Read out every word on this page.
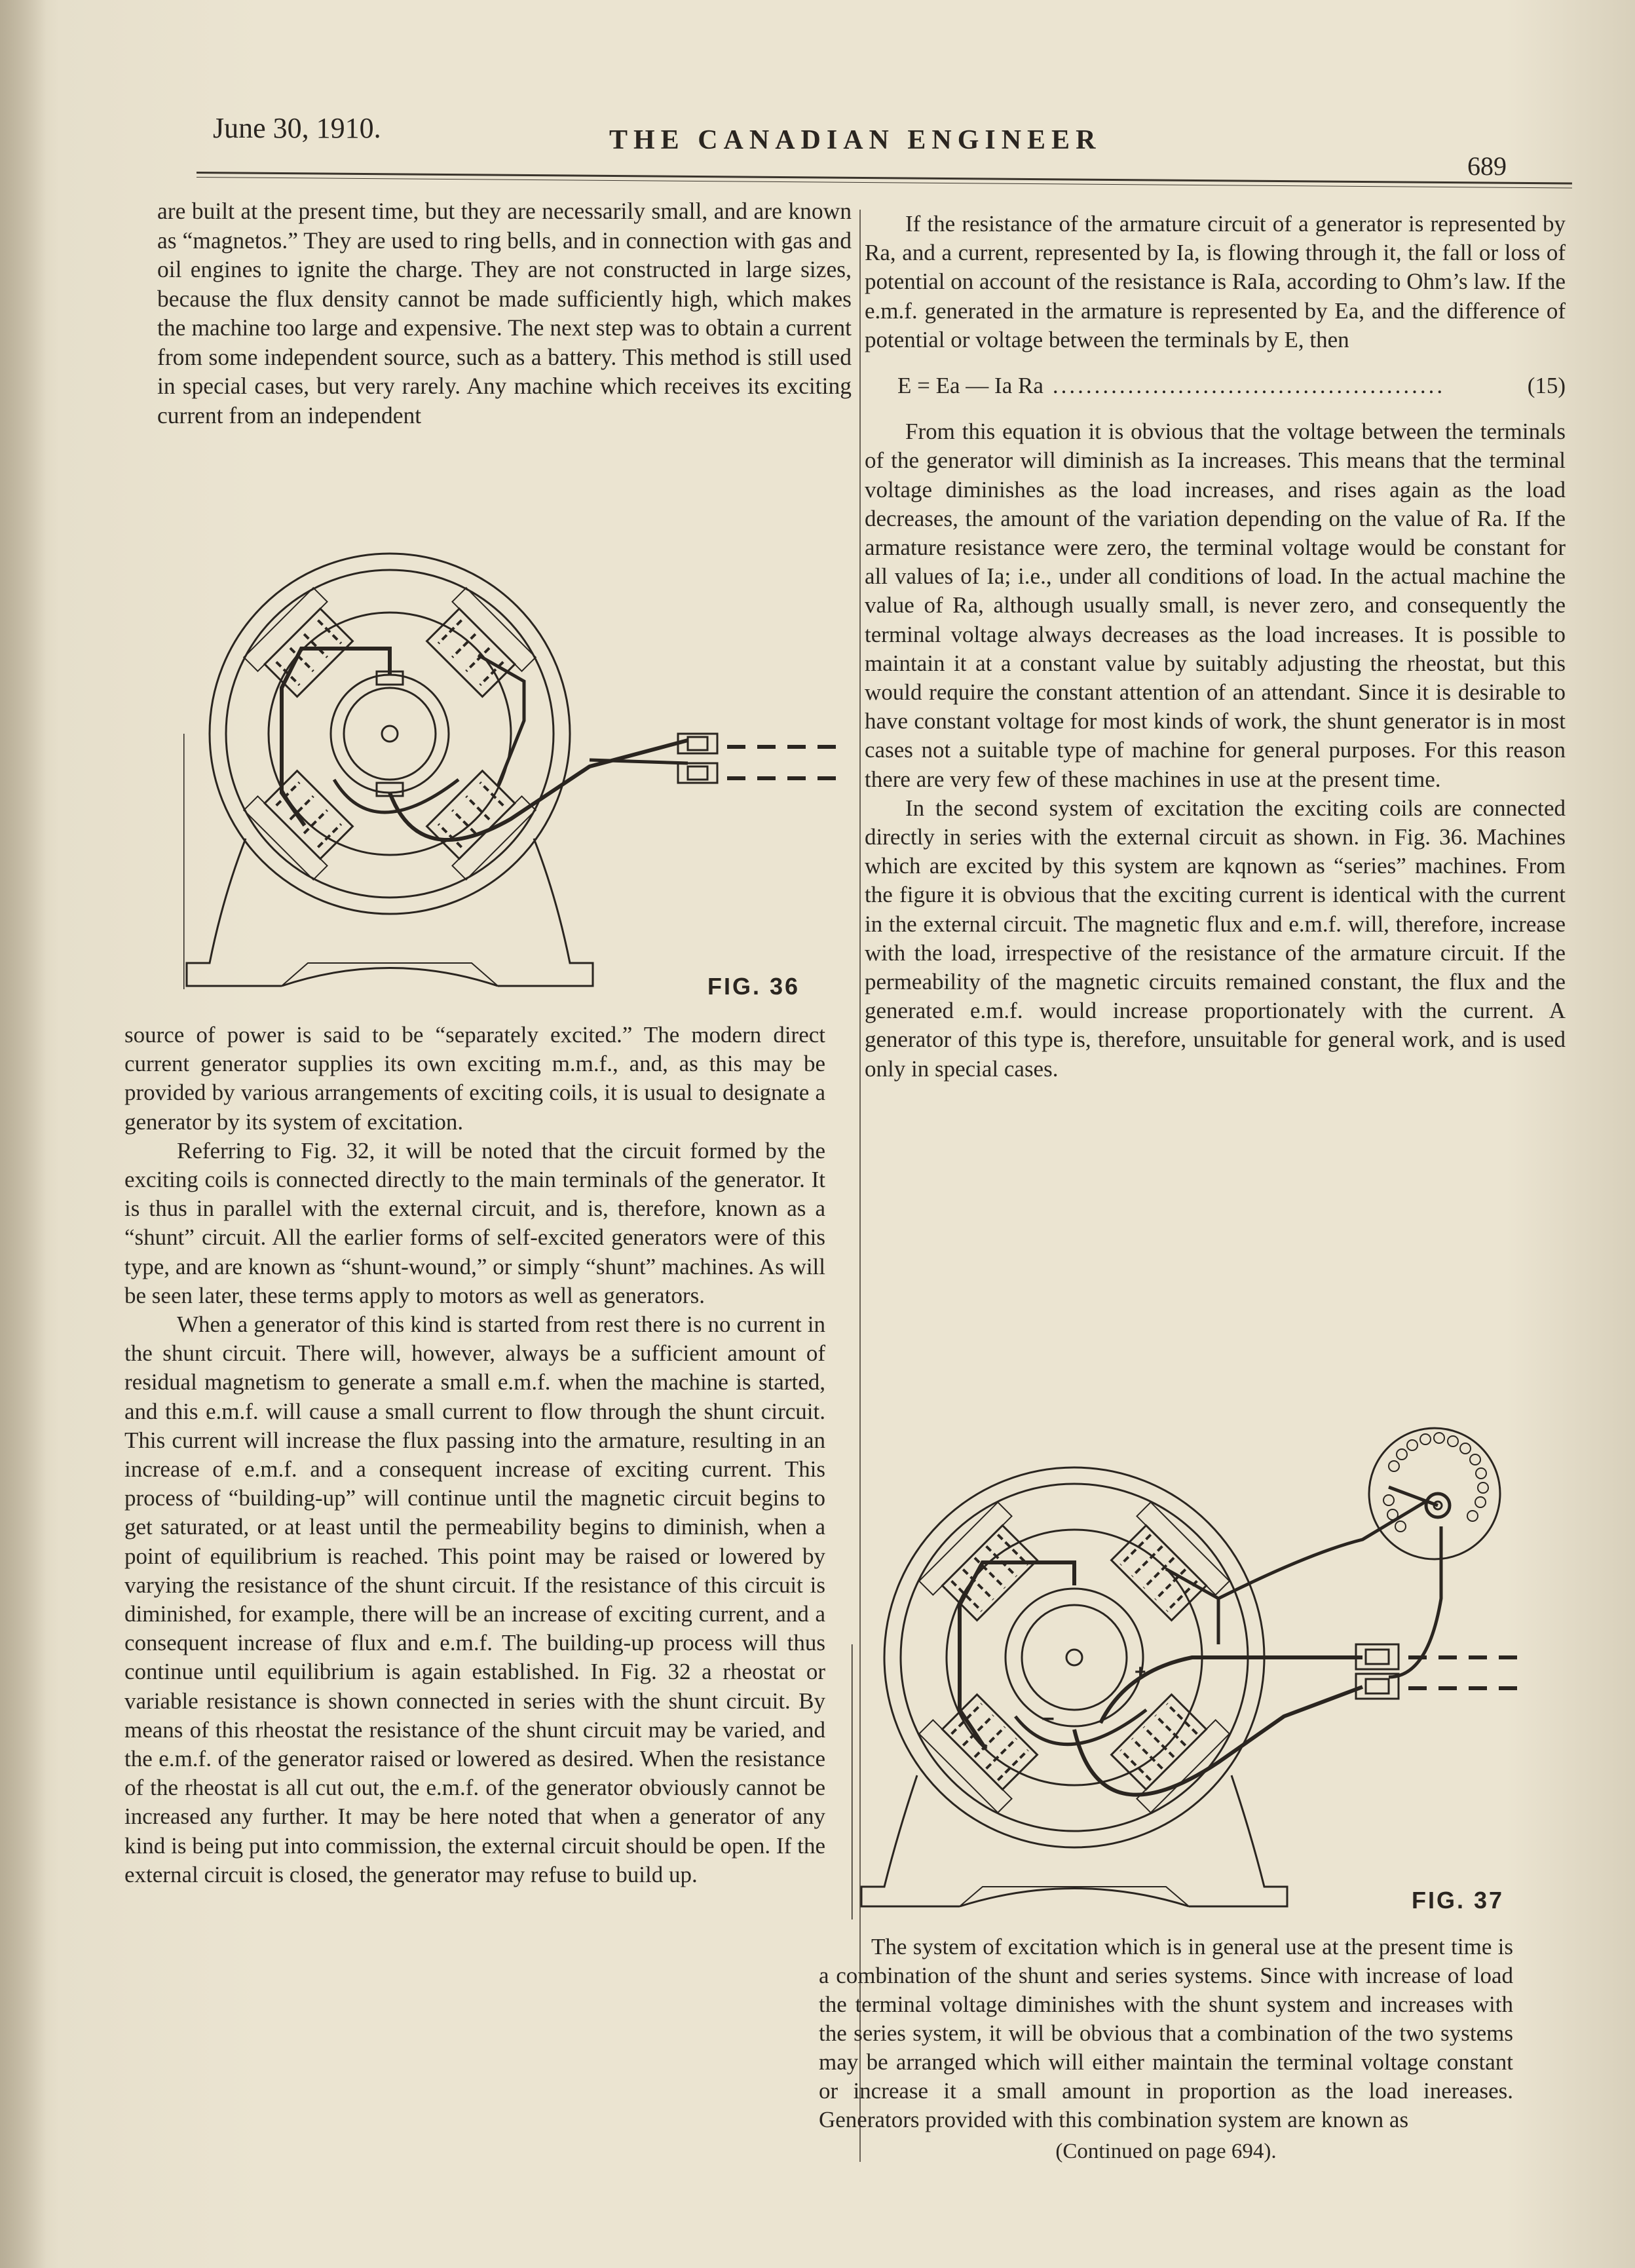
June 30, 1910.	THE CANADIAN ENGINEER
689

are built at the present time, but they are necessarily small, and are known as “magnetos.” They are used to ring bells, and in connection with gas and oil engines to ignite the charge. They are not constructed in large sizes, because the flux density cannot be made sufficiently high, which makes the machine too large and expensive. The next step was to obtain a current from some independent source, such as a battery. This method is still used in special cases, but very rarely. Any machine which receives its exciting current from an independent

FIG. 36

source of power is said to be “separately excited.” The modern direct current generator supplies its own exciting m.m.f., and, as this may be provided by various arrangements of exciting coils, it is usual to designate a generator by its system of excitation.

Referring to Fig. 32, it will be noted that the circuit formed by the exciting coils is connected directly to the main terminals of the generator. It is thus in parallel with the external circuit, and is, therefore, known as a “shunt” circuit. All the earlier forms of self-excited generators were of this type, and are known as “shunt-wound,” or simply “shunt” machines. As will be seen later, these terms apply to motors as well as generators.

When a generator of this kind is started from rest there is no current in the shunt circuit. There will, however, always be a sufficient amount of residual magnetism to generate a small e.m.f. when the machine is started, and this e.m.f. will cause a small current to flow through the shunt circuit. This current will increase the flux passing into the armature, resulting in an increase of e.m.f. and a consequent increase of exciting current. This process of “building-up” will continue until the magnetic circuit begins to get saturated, or at least until the permeability begins to diminish, when a point of equilibrium is reached. This point may be raised or lowered by varying the resistance of the shunt circuit. If the resistance of this circuit is diminished, for example, there will be an increase of exciting current, and a consequent increase of flux and e.m.f. The building-up process will thus continue until equilibrium is again established. In Fig. 32 a rheostat or variable resistance is shown connected in series with the shunt circuit. By means of this rheostat the resistance of the shunt circuit may be varied, and the e.m.f. of the generator raised or lowered as desired. When the resistance of the rheostat is all cut out, the e.m.f. of the generator obviously cannot be increased any further. It may be here noted that when a generator of any kind is being put into commission, the external circuit should be open. If the external circuit is closed, the generator may refuse to build up.

If the resistance of the armature circuit of a generator is represented by Ra, and a current, represented by Ia, is flowing through it, the fall or loss of potential on account of the resistance is RaIa, according to Ohm’s law. If the e.m.f. generated in the armature is represented by Ea, and the difference of potential or voltage between the terminals by E, then

E = Ea — Ia Ra ...............................................	(15)

From this equation it is obvious that the voltage between the terminals of the generator will diminish as Ia increases. This means that the terminal voltage diminishes as the load increases, and rises again as the load decreases, the amount of the variation depending on the value of Ra. If the armature resistance were zero, the terminal voltage would be constant for all values of Ia; i.e., under all conditions of load. In the actual machine the value of Ra, although usually small, is never zero, and consequently the terminal voltage always decreases as the load increases. It is possible to maintain it at a constant value by suitably adjusting the rheostat, but this would require the constant attention of an attendant. Since it is desirable to have constant voltage for most kinds of work, the shunt generator is in most cases not a suitable type of machine for general purposes. For this reason there are very few of these machines in use at the present time.

In the second system of excitation the exciting coils are connected directly in series with the external circuit as shown. in Fig. 36. Machines which are excited by this system are kqnown as “series” machines. From the figure it is obvious that the exciting current is identical with the current in the external circuit. The magnetic flux and e.m.f. will, therefore, increase with the load, irrespective of the resistance of the armature circuit. If the permeability of the magnetic circuits remained constant, the flux and the generated e.m.f. would increase proportionately with the current. A generator of this type is, therefore, unsuitable for general work, and is used only in special cases.

+
−
FIG. 37

The system of excitation which is in general use at the present time is a combination of the shunt and series systems. Since with increase of load the terminal voltage diminishes with the shunt system and increases with the series system, it will be obvious that a combination of the two systems may be arranged which will either maintain the terminal voltage constant or increase it a small amount in proportion as the load inereases. Generators provided with this combination system are known as

(Continued on page 694).
